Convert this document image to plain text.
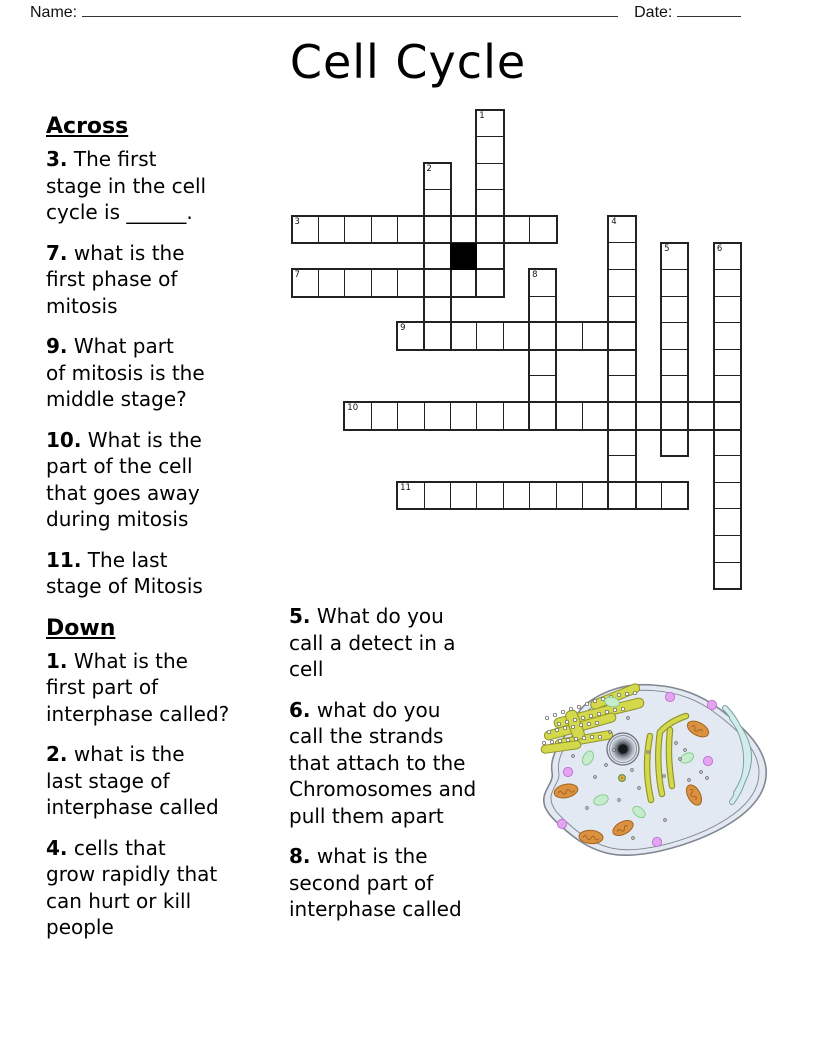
Name:	Date:
Cell Cycle
Across
3. The first
stage in the cell
cycle is ______.
7. what is the
first phase of
mitosis
9. What part
of mitosis is the
middle stage?
10. What is the
part of the cell
that goes away
during mitosis
11. The last
stage of Mitosis
Down
1. What is the
first part of
interphase called?
2. what is the
last stage of
interphase called
4. cells that
grow rapidly that
can hurt or kill
people
5. What do you
call a detect in a
cell
6. what do you
call the strands
that attach to the
Chromosomes and
pull them apart
8. what is the
second part of
interphase called
1
2
3	4
5	6
7	8
9
10
11
